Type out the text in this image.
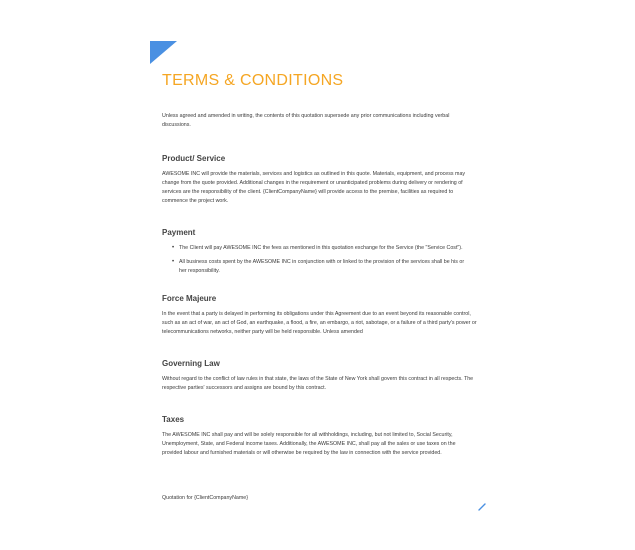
TERMS & CONDITIONS

Unless agreed and amended in writing, the contents of this quotation supersede any prior communications including verbal discussions.

Product/ Service

AWESOME INC will provide the materials, services and logistics as outlined in this quote. Materials, equipment, and process may change from the quote provided. Additional changes in the requirement or unanticipated problems during delivery or rendering of services are the responsibility of the client. {ClientCompanyName} will provide access to the premise, facilities as required to commence the project work.

Payment
• The Client will pay AWESOME INC the fees as mentioned in this quotation exchange for the Service (the "Service Cost").
• All business costs spent by the AWESOME INC in conjunction with or linked to the provision of the services shall be his or her responsibility.
Force Majeure

In the event that a party is delayed in performing its obligations under this Agreement due to an event beyond its reasonable control, such as an act of war, an act of God, an earthquake, a flood, a fire, an embargo, a riot, sabotage, or a failure of a third party's power or telecommunications networks, neither party will be held responsible. Unless amended

Governing Law

Without regard to the conflict of law rules in that state, the laws of the State of New York shall govern this contract in all respects. The respective parties' successors and assigns are bound by this contract.

Taxes

The AWESOME INC shall pay and will be solely responsible for all withholdings, including, but not limited to, Social Security, Unemployment, State, and Federal income taxes. Additionally, the AWESOME INC, shall pay all the sales or use taxes on the provided labour and furnished materials or will otherwise be required by the law in connection with the service provided.

Quotation for {ClientCompanyName}
